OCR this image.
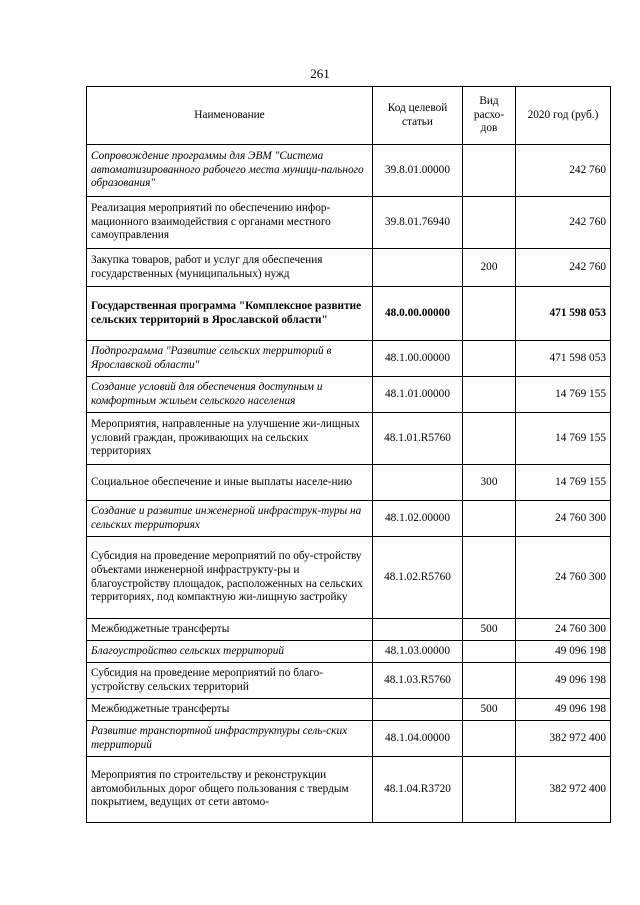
261
Наименование	Код целевой статьи	Вид расхо-дов	2020 год (руб.)
Сопровождение программы для ЭВМ "Система автоматизированного рабочего места муници-пального образования"	39.8.01.00000		242 760
Реализация мероприятий по обеспечению инфор-мационного взаимодействия с органами местного самоуправления	39.8.01.76940		242 760
Закупка товаров, работ и услуг для обеспечения государственных (муниципальных) нужд		200	242 760
Государственная программа "Комплексное развитие сельских территорий в Ярославской области"	48.0.00.00000		471 598 053
Подпрограмма "Развитие сельских территорий в Ярославской области"	48.1.00.00000		471 598 053
Создание условий для обеспечения доступным и комфортным жильем сельского населения	48.1.01.00000		14 769 155
Мероприятия, направленные на улучшение жи-лищных условий граждан, проживающих на сельских территориях	48.1.01.R5760		14 769 155
Социальное обеспечение и иные выплаты населе-нию		300	14 769 155
Создание и развитие инженерной инфраструк-туры на сельских территориях	48.1.02.00000		24 760 300
Субсидия на проведение мероприятий по обу-стройству объектами инженерной инфраструкту-ры и благоустройству площадок, расположенных на сельских территориях, под компактную жи-лищную застройку	48.1.02.R5760		24 760 300
Межбюджетные трансферты		500	24 760 300
Благоустройство сельских территорий	48.1.03.00000		49 096 198
Субсидия на проведение мероприятий по благо-устройству сельских территорий	48.1.03.R5760		49 096 198
Межбюджетные трансферты		500	49 096 198
Развитие транспортной инфраструктуры сель-ских территорий	48.1.04.00000		382 972 400
Мероприятия по строительству и реконструкции автомобильных дорог общего пользования с твердым покрытием, ведущих от сети автомо-	48.1.04.R3720		382 972 400
